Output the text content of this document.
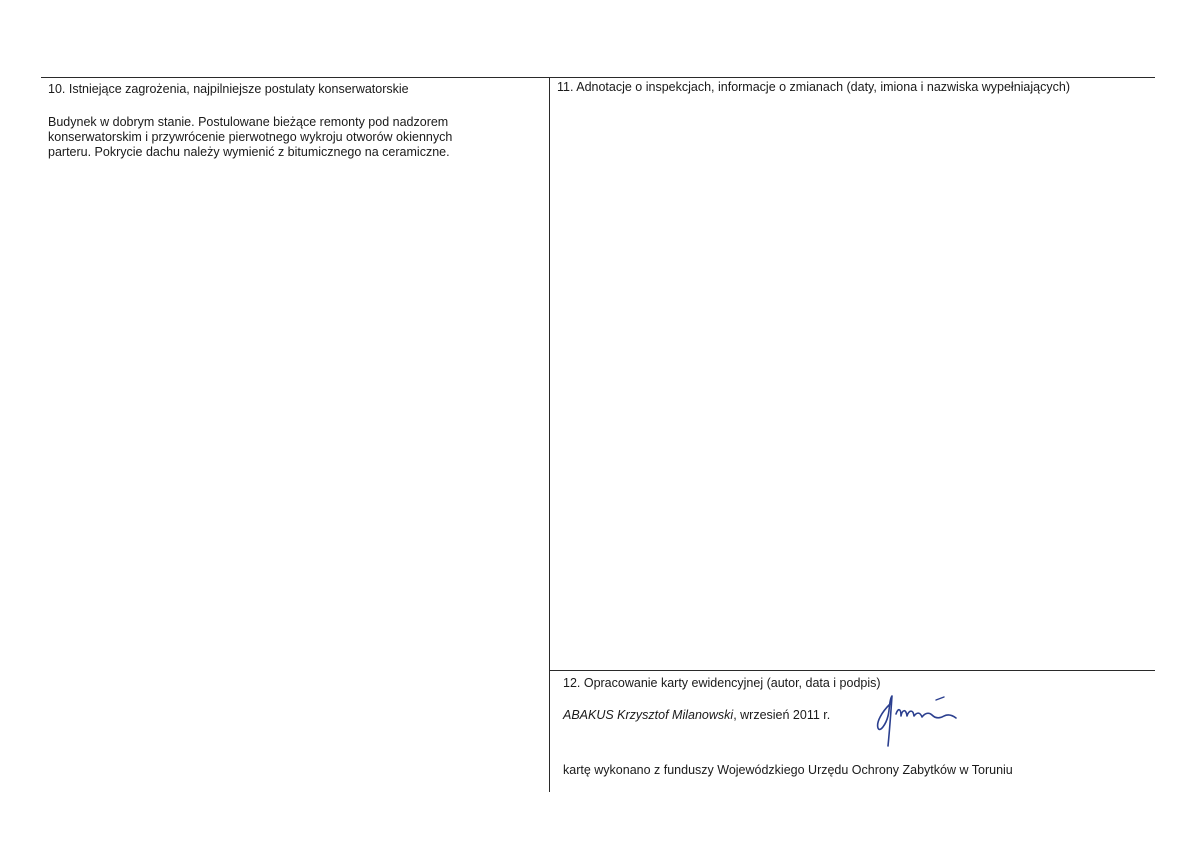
10. Istniejące zagrożenia, najpilniejsze postulaty konserwatorskie
Budynek w dobrym stanie. Postulowane bieżące remonty pod nadzorem
konserwatorskim i przywrócenie pierwotnego wykroju otworów okiennych
parteru. Pokrycie dachu należy wymienić z bitumicznego na ceramiczne.
11. Adnotacje o inspekcjach, informacje o zmianach (daty, imiona i nazwiska wypełniających)
12. Opracowanie karty ewidencyjnej (autor, data i podpis)
ABAKUS Krzysztof Milanowski, wrzesień 2011 r.
kartę wykonano z funduszy Wojewódzkiego Urzędu Ochrony Zabytków w Toruniu
